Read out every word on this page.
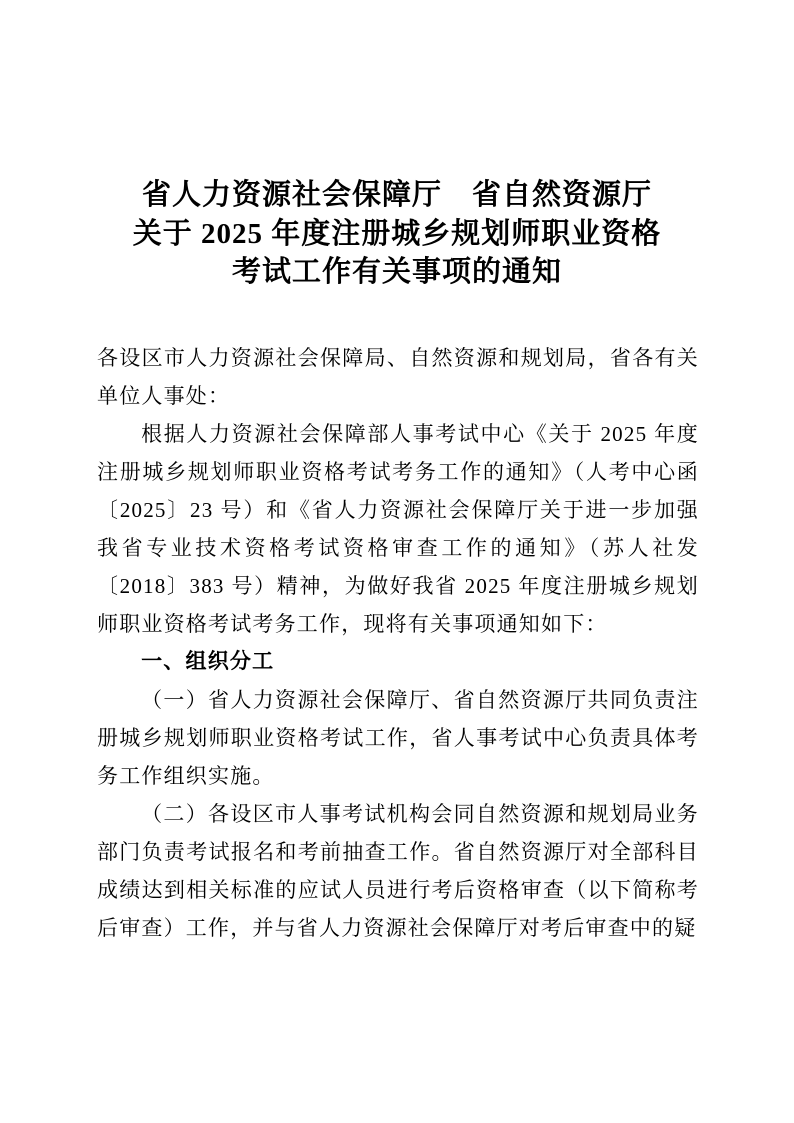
省人力资源社会保障厅　省自然资源厅
关于 2025 年度注册城乡规划师职业资格
考试工作有关事项的通知

各设区市人力资源社会保障局、自然资源和规划局，省各有关单位人事处：

根据人力资源社会保障部人事考试中心《关于 2025 年度注册城乡规划师职业资格考试考务工作的通知》（人考中心函〔2025〕23 号）和《省人力资源社会保障厅关于进一步加强我省专业技术资格考试资格审查工作的通知》（苏人社发〔2018〕383 号）精神，为做好我省 2025 年度注册城乡规划师职业资格考试考务工作，现将有关事项通知如下：

一、组织分工

（一）省人力资源社会保障厅、省自然资源厅共同负责注册城乡规划师职业资格考试工作，省人事考试中心负责具体考务工作组织实施。

（二）各设区市人事考试机构会同自然资源和规划局业务部门负责考试报名和考前抽查工作。省自然资源厅对全部科目成绩达到相关标准的应试人员进行考后资格审查（以下简称考后审查）工作，并与省人力资源社会保障厅对考后审查中的疑
